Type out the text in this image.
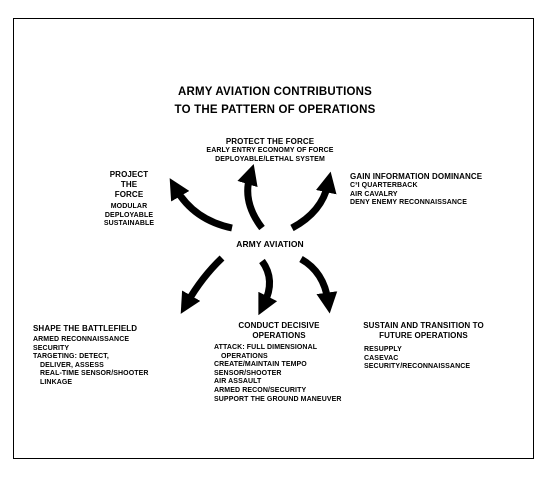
ARMY AVIATION CONTRIBUTIONS
TO THE PATTERN OF OPERATIONS
PROTECT THE FORCE
EARLY ENTRY ECONOMY OF FORCE
DEPLOYABLE/LETHAL SYSTEM
PROJECT
THE
FORCE
MODULAR
DEPLOYABLE
SUSTAINABLE
GAIN INFORMATION DOMINANCE
C³I QUARTERBACK
AIR CAVALRY
DENY ENEMY RECONNAISSANCE
ARMY AVIATION
SHAPE THE BATTLEFIELD
ARMED RECONNAISSANCE
SECURITY
TARGETING: DETECT,
DELIVER, ASSESS
REAL-TIME SENSOR/SHOOTER
LINKAGE
CONDUCT DECISIVE
OPERATIONS
ATTACK: FULL DIMENSIONAL
OPERATIONS
CREATE/MAINTAIN TEMPO
SENSOR/SHOOTER
AIR ASSAULT
ARMED RECON/SECURITY
SUPPORT THE GROUND MANEUVER
SUSTAIN AND TRANSITION TO
FUTURE OPERATIONS
RESUPPLY
CASEVAC
SECURITY/RECONNAISSANCE
